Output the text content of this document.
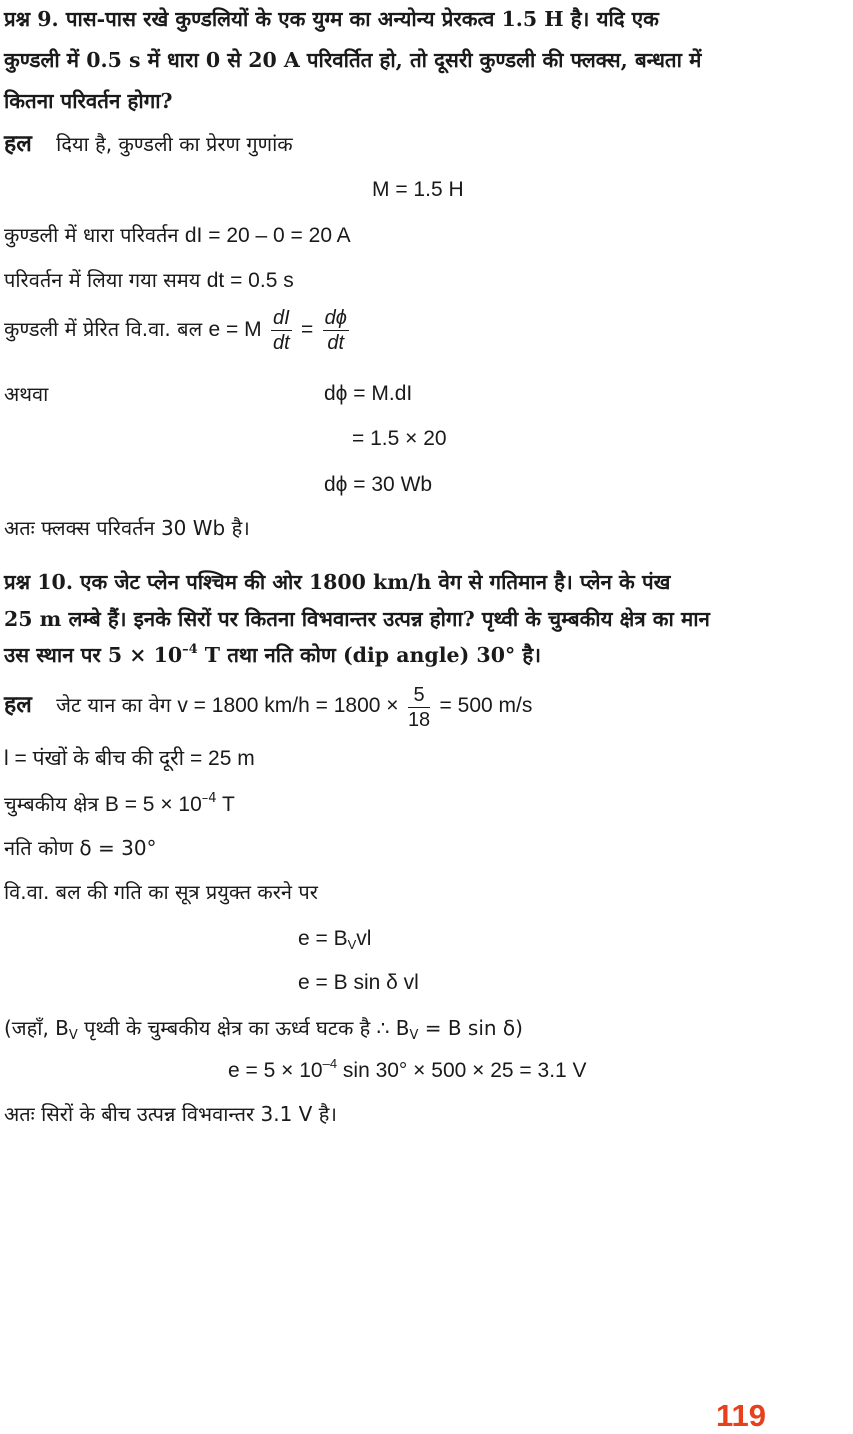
प्रश्न 9. पास-पास रखे कुण्डलियों के एक युग्म का अन्योन्य प्रेरकत्व 1.5 H है। यदि एक
कुण्डली में 0.5 s में धारा 0 से 20 A परिवर्तित हो, तो दूसरी कुण्डली की फ्लक्स, बन्धता में
कितना परिवर्तन होगा?
हल दिया है, कुण्डली का प्रेरण गुणांक
M = 1.5 H
कुण्डली में धारा परिवर्तन dI = 20 – 0 = 20 A
परिवर्तन में लिया गया समय dt = 0.5 s
कुण्डली में प्रेरित वि.वा. बल e = M $\frac{dI}{dt} = \frac{d\phi}{dt}$
अथवा	dϕ = M.dI
= 1.5 × 20
dϕ = 30 Wb
अतः फ्लक्स परिवर्तन 30 Wb है।
प्रश्न 10. एक जेट प्लेन पश्चिम की ओर 1800 km/h वेग से गतिमान है। प्लेन के पंख
25 m लम्बे हैं। इनके सिरों पर कितना विभवान्तर उत्पन्न होगा? पृथ्वी के चुम्बकीय क्षेत्र का मान
उस स्थान पर $5 \times 10^{-4}$ T तथा नति कोण (dip angle) 30° है।
हल जेट यान का वेग v = 1800 $km/h = 1800 \times \frac{5}{18} = 500$ m/s
l = पंखों के बीच की दूरी = 25 m
चुम्बकीय क्षेत्र $B = 5 \times 10^{-4}$ T
नति कोण δ = 30°
वि.वा. बल की गति का सूत्र प्रयुक्त करने पर
$e = B_Vvl$
e = B sin δ vl
(जहाँ, $B_V$ पृथ्वी के चुम्बकीय क्षेत्र का ऊर्ध्व घटक है ∴ $B_V = B$ sin δ)
$e = 5 \times 10^{-4}$ sin 30° × 500 × 25 = 3.1 V
अतः सिरों के बीच उत्पन्न विभवान्तर 3.1 V है।
119
